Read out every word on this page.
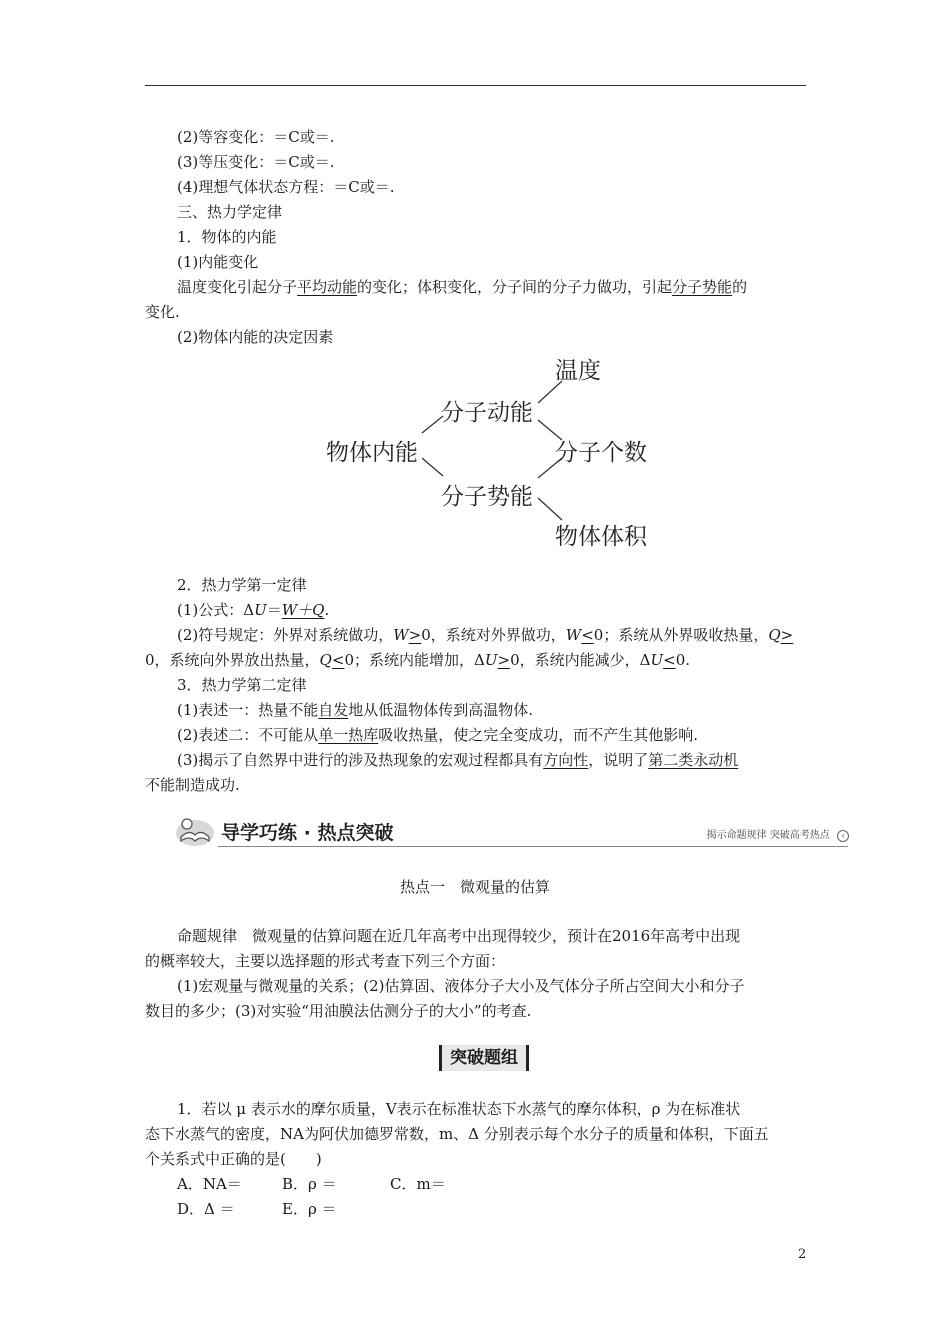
(2)等容变化：＝C或＝.
(3)等压变化：＝C或＝.
(4)理想气体状态方程：＝C或＝.
三、热力学定律
1．物体的内能
(1)内能变化
温度变化引起分子平均动能的变化；体积变化，分子间的分子力做功，引起分子势能的
变化.
(2)物体内能的决定因素
物体内能
分子动能
分子势能
温度
分子个数
物体体积
2．热力学第一定律
(1)公式：ΔU＝W＋Q.
(2)符号规定：外界对系统做功，W>0，系统对外界做功，W<0；系统从外界吸收热量，Q>
0，系统向外界放出热量，Q<0；系统内能增加，ΔU>0，系统内能减少，ΔU<0.
3．热力学第二定律
(1)表述一：热量不能自发地从低温物体传到高温物体.
(2)表述二：不可能从单一热库吸收热量，使之完全变成功，而不产生其他影响.
(3)揭示了自然界中进行的涉及热现象的宏观过程都具有方向性，说明了第二类永动机
不能制造成功.
导学巧练 · 热点突破	揭示命题规律 突破高考热点 ‹
热点一　微观量的估算
命题规律　微观量的估算问题在近几年高考中出现得较少，预计在2016年高考中出现
的概率较大，主要以选择题的形式考查下列三个方面：
(1)宏观量与微观量的关系；(2)估算固、液体分子大小及气体分子所占空间大小和分子
数目的多少；(3)对实验“用油膜法估测分子的大小”的考查.
突破题组
1．若以 μ 表示水的摩尔质量，V表示在标准状态下水蒸气的摩尔体积，ρ 为在标准状
态下水蒸气的密度，NA为阿伏加德罗常数，m、Δ 分别表示每个水分子的质量和体积，下面五
个关系式中正确的是(　　)
A．NA＝	B．ρ ＝	C．m＝
D．Δ ＝	E．ρ ＝
2
